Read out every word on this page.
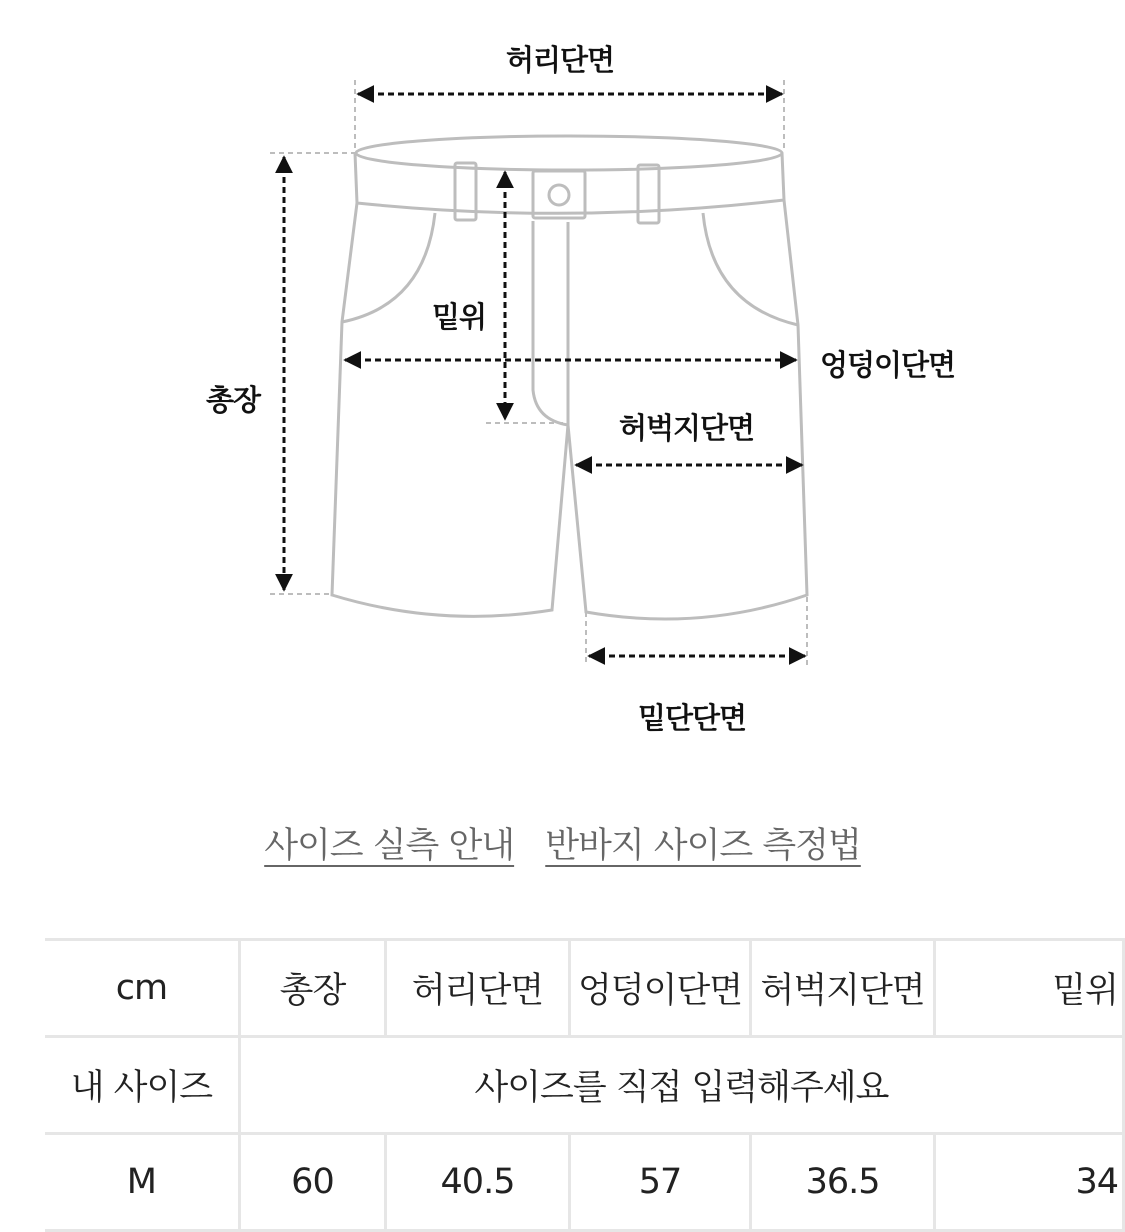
허리단면
밑위
총장
엉덩이단면
허벅지단면
밑단단면
사이즈 실측 안내 반바지 사이즈 측정법
cm	총장	허리단면	엉덩이단면	허벅지단면	밑위
내 사이즈	사이즈를 직접 입력해주세요				
M	60	40.5	57	36.5	34
